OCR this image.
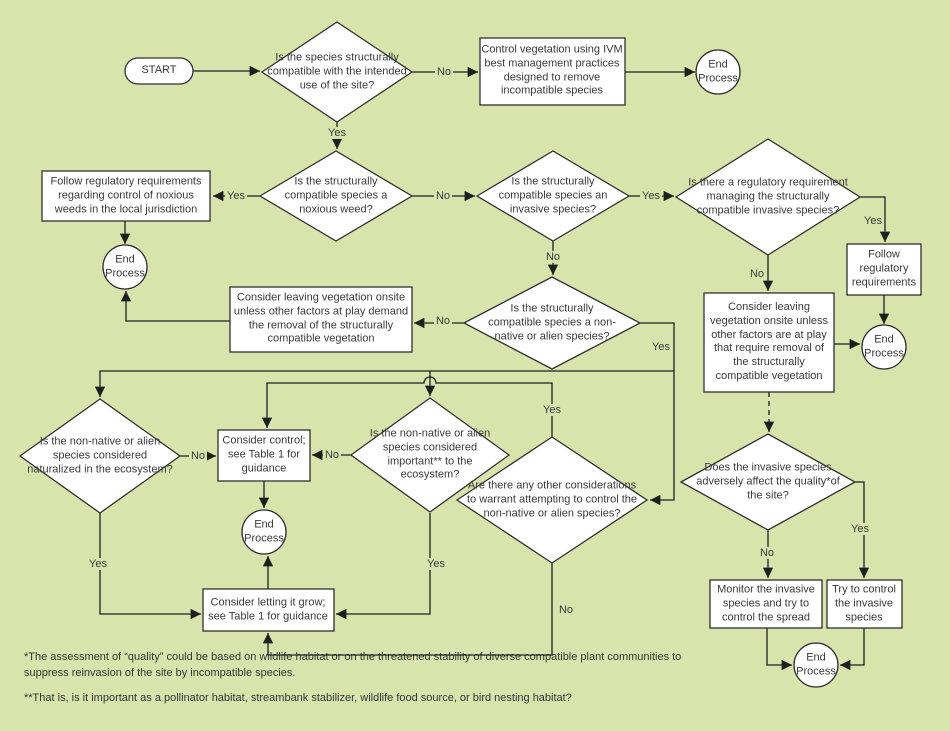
START
Is the species structurally compatible with the intended use of the site?
Control vegetation using IVM best management practices designed to remove incompatible species
End Process
Follow regulatory requirements regarding control of noxious weeds in the local jurisdiction
Is the structurally compatible species a noxious weed?
End Process
Is the structurally compatible species an invasive species?
Is there a regulatory requirement managing the structurally compatible invasive species?
Follow regulatory requirements
End Process
Consider leaving vegetation onsite unless other factors are at play that require removal of the structurally compatible vegetation
Consider leaving vegetation onsite unless other factors at play demand the removal of the structurally compatible vegetation
Is the structurally compatible species a non-native or alien species?
Is the non-native or alien species considered naturalized in the ecosystem?
Consider control; see Table 1 for guidance
End Process
Is the non-native or alien species considered important** to the ecosystem?
Are there any other considerations to warrant attempting to control the non-native or alien species?
Consider letting it grow; see Table 1 for guidance
Does the invasive species adversely affect the quality*of the site?
Monitor the invasive species and try to control the spread
Try to control the invasive species
End Process
No
Yes
Yes	No	Yes
Yes
No
No
No
Yes
Yes
No	No
Yes	Yes
No
No
Yes

*The assessment of “quality” could be based on wildlife habitat or on the threatened stability of diverse compatible plant communities to suppress reinvasion of the site by incompatible species.

**That is, is it important as a pollinator habitat, streambank stabilizer, wildlife food source, or bird nesting habitat?
